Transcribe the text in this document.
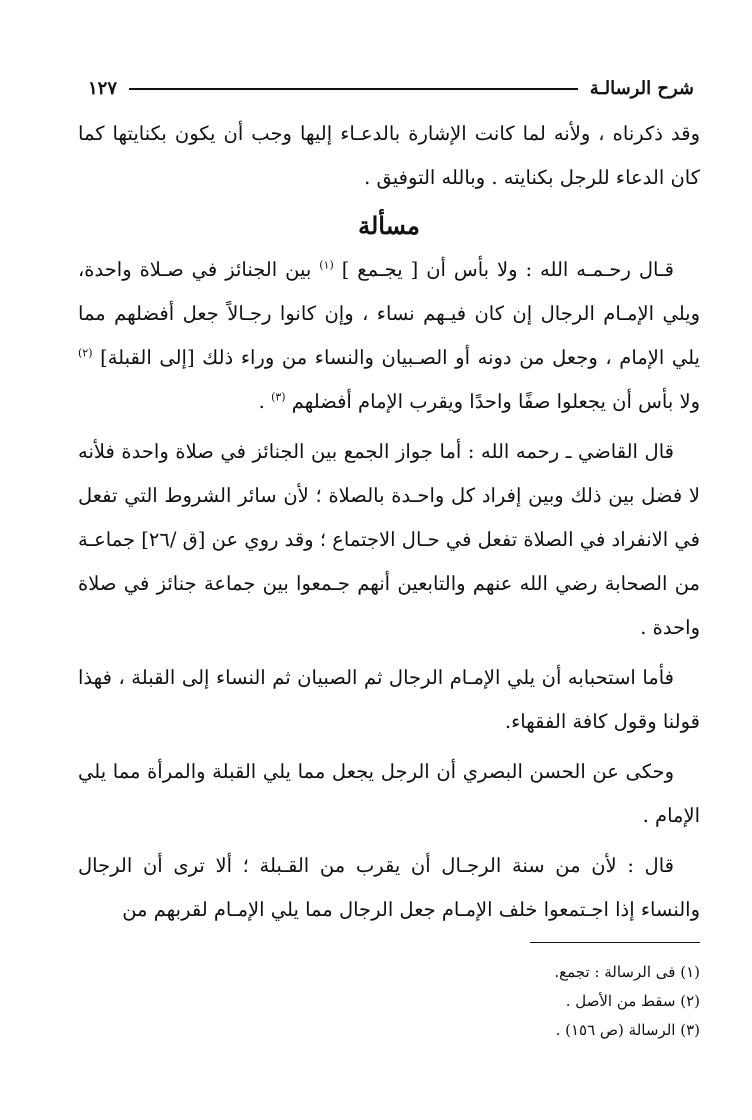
شرح الرسالـة
١٢٧

وقد ذكرناه ، ولأنه لما كانت الإشارة بالدعـاء إليها وجب أن يكون بكنايتها كما كان الدعاء للرجل بكنايته . وبالله التوفيق .

مسألة

قـال رحـمـه الله : ولا بأس أن [ يجـمع ] $^{(١)}$ بين الجنائز في صـلاة واحدة، ويلي الإمـام الرجال إن كان فيـهم نساء ، وإن كانوا رجـالاً جعل أفضلهم مما يلي الإمام ، وجعل من دونه أو الصـبيان والنساء من وراء ذلك [إلى القبلة] $^{(٢)}$ ولا بأس أن يجعلوا صفًا واحدًا ويقرب الإمام أفضلهم $^{(٣)}$ .

قال القاضي ـ رحمه الله : أما جواز الجمع بين الجنائز في صلاة واحدة فلأنه لا فضل بين ذلك وبين إفراد كل واحـدة بالصلاة ؛ لأن سائر الشروط التي تفعل في الانفراد في الصلاة تفعل في حـال الاجتماع ؛ وقد روي عن [ق /٢٦] جماعـة من الصحابة رضي الله عنهم والتابعين أنهم جـمعوا بين جماعة جنائز في صلاة واحدة .

فأما استحبابه أن يلي الإمـام الرجال ثم الصبيان ثم النساء إلى القبلة ، فهذا قولنا وقول كافة الفقهاء.

وحكى عن الحسن البصري أن الرجل يجعل مما يلي القبلة والمرأة مما يلي الإمام .

قال : لأن من سنة الرجـال أن يقرب من القـبلة ؛ ألا ترى أن الرجال والنساء إذا اجـتمعوا خلف الإمـام جعل الرجال مما يلي الإمـام لقربهم من

(١) فى الرسالة : تجمع.
(٢) سقط من الأصل .
(٣) الرسالة (ص ١٥٦) .
